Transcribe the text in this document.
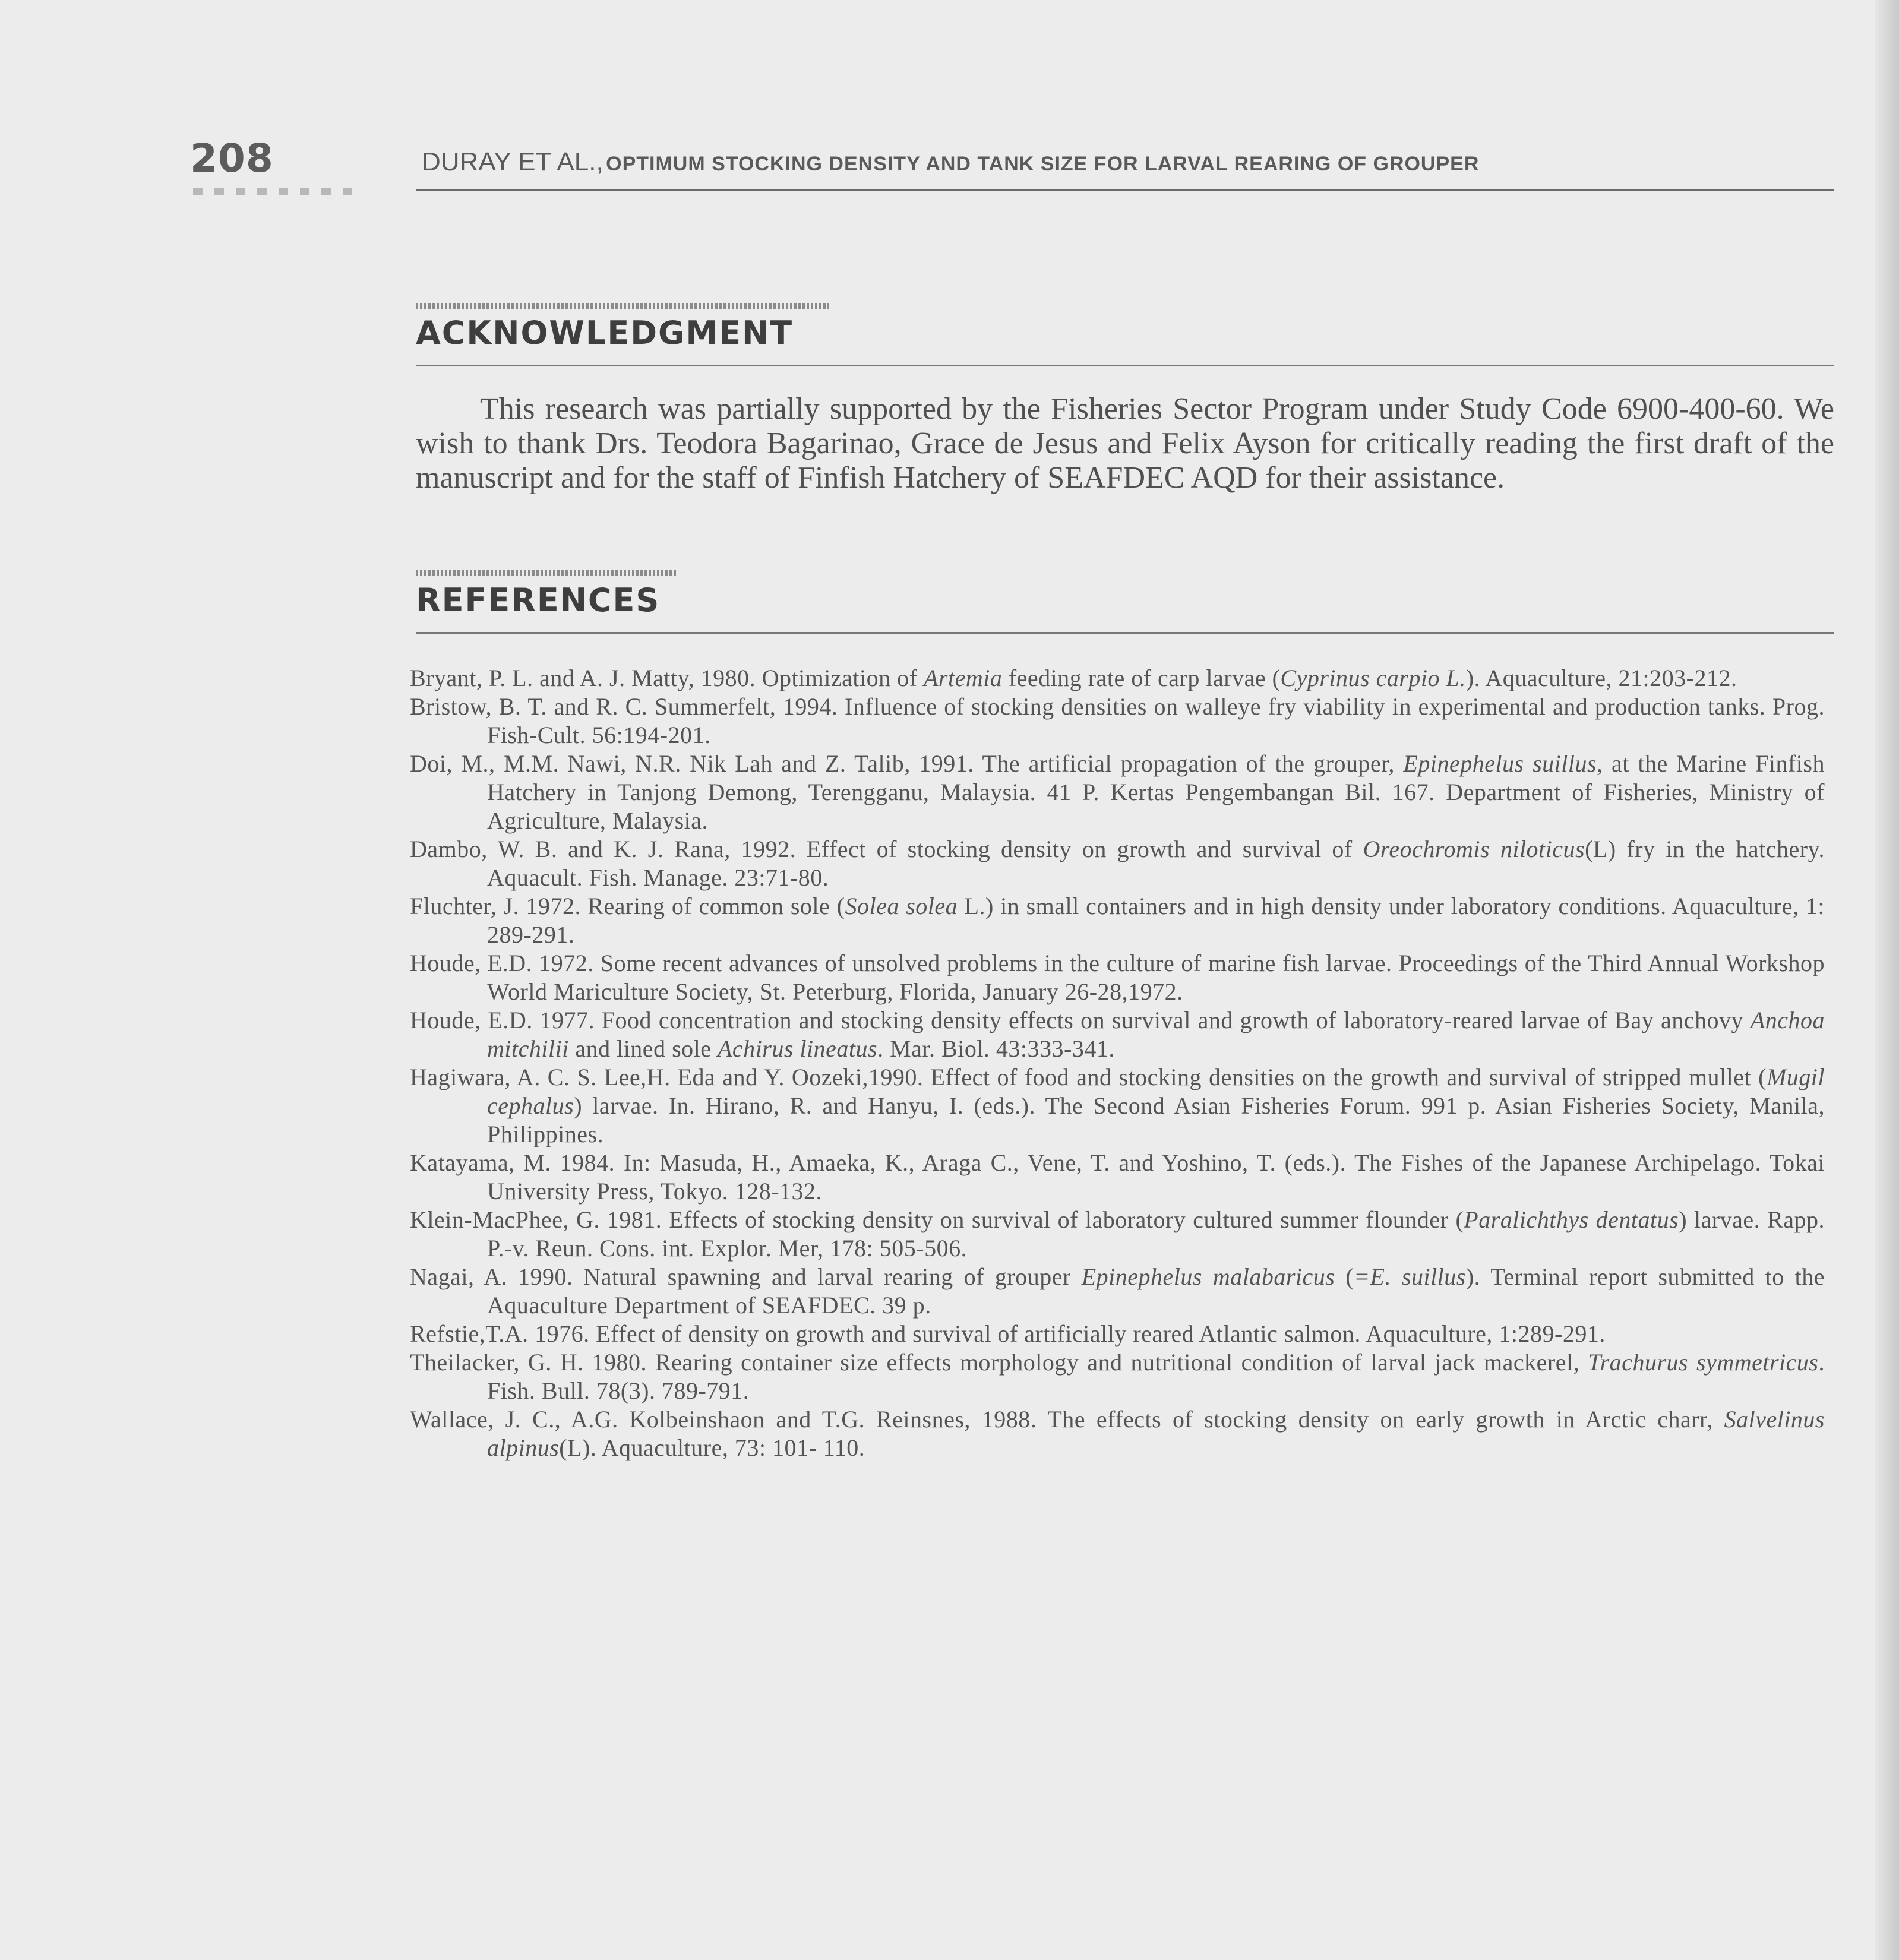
208	DURAY ET AL., OPTIMUM STOCKING DENSITY AND TANK SIZE FOR LARVAL REARING OF GROUPER
ACKNOWLEDGMENT

This research was partially supported by the Fisheries Sector Program under Study Code 6900-400-60. We wish to thank Drs. Teodora Bagarinao, Grace de Jesus and Felix Ayson for critically reading the first draft of the manuscript and for the staff of Finfish Hatchery of SEAFDEC AQD for their assistance.

REFERENCES
Bryant, P. L. and A. J. Matty, 1980. Optimization of Artemia feeding rate of carp larvae (Cyprinus carpio L.). Aquaculture, 21:203-212.
Bristow, B. T. and R. C. Summerfelt, 1994. Influence of stocking densities on walleye fry viability in experimental and production tanks. Prog. Fish-Cult. 56:194-201.
Doi, M., M.M. Nawi, N.R. Nik Lah and Z. Talib, 1991. The artificial propagation of the grouper, Epinephelus suillus, at the Marine Finfish Hatchery in Tanjong Demong, Terengganu, Malaysia. 41 P. Kertas Pengembangan Bil. 167. Department of Fisheries, Ministry of Agriculture, Malaysia.
Dambo, W. B. and K. J. Rana, 1992. Effect of stocking density on growth and survival of Oreochromis niloticus(L) fry in the hatchery. Aquacult. Fish. Manage. 23:71-80.
Fluchter, J. 1972. Rearing of common sole (Solea solea L.) in small containers and in high density under laboratory conditions. Aquaculture, 1: 289-291.
Houde, E.D. 1972. Some recent advances of unsolved problems in the culture of marine fish larvae. Proceedings of the Third Annual Workshop World Mariculture Society, St. Peterburg, Florida, January 26-28,1972.
Houde, E.D. 1977. Food concentration and stocking density effects on survival and growth of laboratory-reared larvae of Bay anchovy Anchoa mitchilii and lined sole Achirus lineatus. Mar. Biol. 43:333-341.
Hagiwara, A. C. S. Lee,H. Eda and Y. Oozeki,1990. Effect of food and stocking densities on the growth and survival of stripped mullet (Mugil cephalus) larvae. In. Hirano, R. and Hanyu, I. (eds.). The Second Asian Fisheries Forum. 991 p. Asian Fisheries Society, Manila, Philippines.
Katayama, M. 1984. In: Masuda, H., Amaeka, K., Araga C., Vene, T. and Yoshino, T. (eds.). The Fishes of the Japanese Archipelago. Tokai University Press, Tokyo. 128-132.
Klein-MacPhee, G. 1981. Effects of stocking density on survival of laboratory cultured summer flounder (Paralichthys dentatus) larvae. Rapp. P.-v. Reun. Cons. int. Explor. Mer, 178: 505-506.
Nagai, A. 1990. Natural spawning and larval rearing of grouper Epinephelus malabaricus (=E. suillus). Terminal report submitted to the Aquaculture Department of SEAFDEC. 39 p.
Refstie,T.A. 1976. Effect of density on growth and survival of artificially reared Atlantic salmon. Aquaculture, 1:289-291.
Theilacker, G. H. 1980. Rearing container size effects morphology and nutritional condition of larval jack mackerel, Trachurus symmetricus. Fish. Bull. 78(3). 789-791.
Wallace, J. C., A.G. Kolbeinshaon and T.G. Reinsnes, 1988. The effects of stocking density on early growth in Arctic charr, Salvelinus alpinus(L). Aquaculture, 73: 101- 110.
